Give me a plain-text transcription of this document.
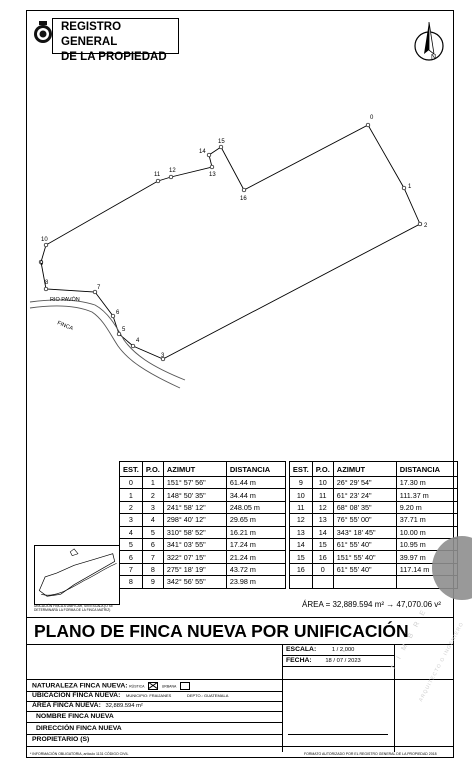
REGISTRO GENERAL
DE LA PROPIEDAD	N
RIO PAVÓN
FINCA
0
1
2
3
4
5
6
7
8
9
10
11
12
13
14
15
16
EST.	P.O.	AZIMUT	DISTANCIA		EST.	P.O.	AZIMUT	DISTANCIA
0	1	151° 57' 56"	61.44 m		9	10	26° 29' 54"	17.30 m
1	2	148° 50' 35"	34.44 m		10	11	61° 23' 24"	111.37 m
2	3	241° 58' 12"	248.05 m		11	12	68° 08' 35"	9.20 m
3	4	298° 40' 12"	29.65 m		12	13	76° 55' 00"	37.71 m
4	5	310° 58' 52"	16.21 m		13	14	343° 18' 45"	10.00 m
5	6	341° 03' 55"	17.24 m		14	15	61° 55' 40"	10.95 m
6	7	322° 07' 15"	21.24 m		15	16	151° 55' 40"	39.97 m
7	8	275° 18' 19"	43.72 m		16	0	61° 55' 40"	117.14 m
8	9	342° 56' 55"	23.98 m					
UBICACIÓN FINCA A UNIFICAR, SIN ESCALA (O SE DETERMINARÁ LA FORMA DE LA FINCA MATRIZ)
ÁREA = 32,889.594 m² → 47,070.06 v²
PLANO DE FINCA NUEVA POR UNIFICACIÓN
ESCALA:	1 / 2,000
FECHA: 18 / 07 / 2023
NATURALEZA FINCA NUEVA: RÚSTICA	URBANA
UBICACIÓN FINCA NUEVA: MUNICIPIO: FRAIJANES	DEPTO.: GUATEMALA
ÁREA FINCA NUEVA: 32,889.594 m²
NOMBRE FINCA NUEVA
DIRECCIÓN FINCA NUEVA
PROPIETARIO (S)
T I M B R E
ARQUITECTO O INGENIERO
* INFORMACIÓN OBLIGATORIA, artículo 1131 CÓDIGO CIVIL	FORMATO AUTORIZADO POR EL REGISTRO GENERAL DE LA PROPIEDAD 2018
